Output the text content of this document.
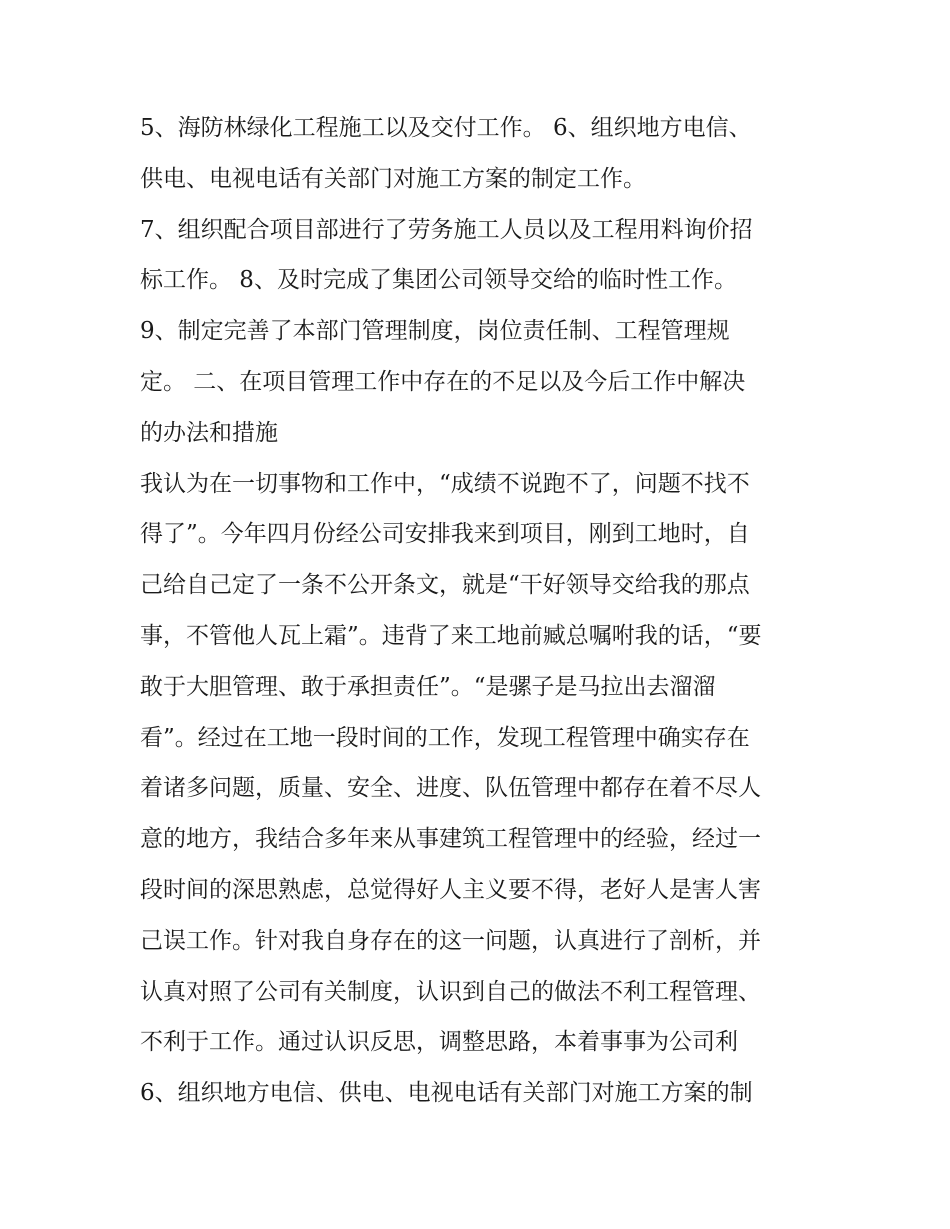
5、海防林绿化工程施工以及交付工作。 6、组织地方电信、
供电、电视电话有关部门对施工方案的制定工作。
7、组织配合项目部进行了劳务施工人员以及工程用料询价招
标工作。 8、及时完成了集团公司领导交给的临时性工作。
9、制定完善了本部门管理制度，岗位责任制、工程管理规
定。 二、在项目管理工作中存在的不足以及今后工作中解决
的办法和措施
我认为在一切事物和工作中，“成绩不说跑不了，问题不找不
得了”。今年四月份经公司安排我来到项目，刚到工地时，自
己给自己定了一条不公开条文，就是“干好领导交给我的那点
事，不管他人瓦上霜”。违背了来工地前臧总嘱咐我的话，“要
敢于大胆管理、敢于承担责任”。“是骡子是马拉出去溜溜
看”。经过在工地一段时间的工作，发现工程管理中确实存在
着诸多问题，质量、安全、进度、队伍管理中都存在着不尽人
意的地方，我结合多年来从事建筑工程管理中的经验，经过一
段时间的深思熟虑，总觉得好人主义要不得，老好人是害人害
己误工作。针对我自身存在的这一问题，认真进行了剖析，并
认真对照了公司有关制度，认识到自己的做法不利工程管理、
不利于工作。通过认识反思，调整思路，本着事事为公司利
6、组织地方电信、供电、电视电话有关部门对施工方案的制
